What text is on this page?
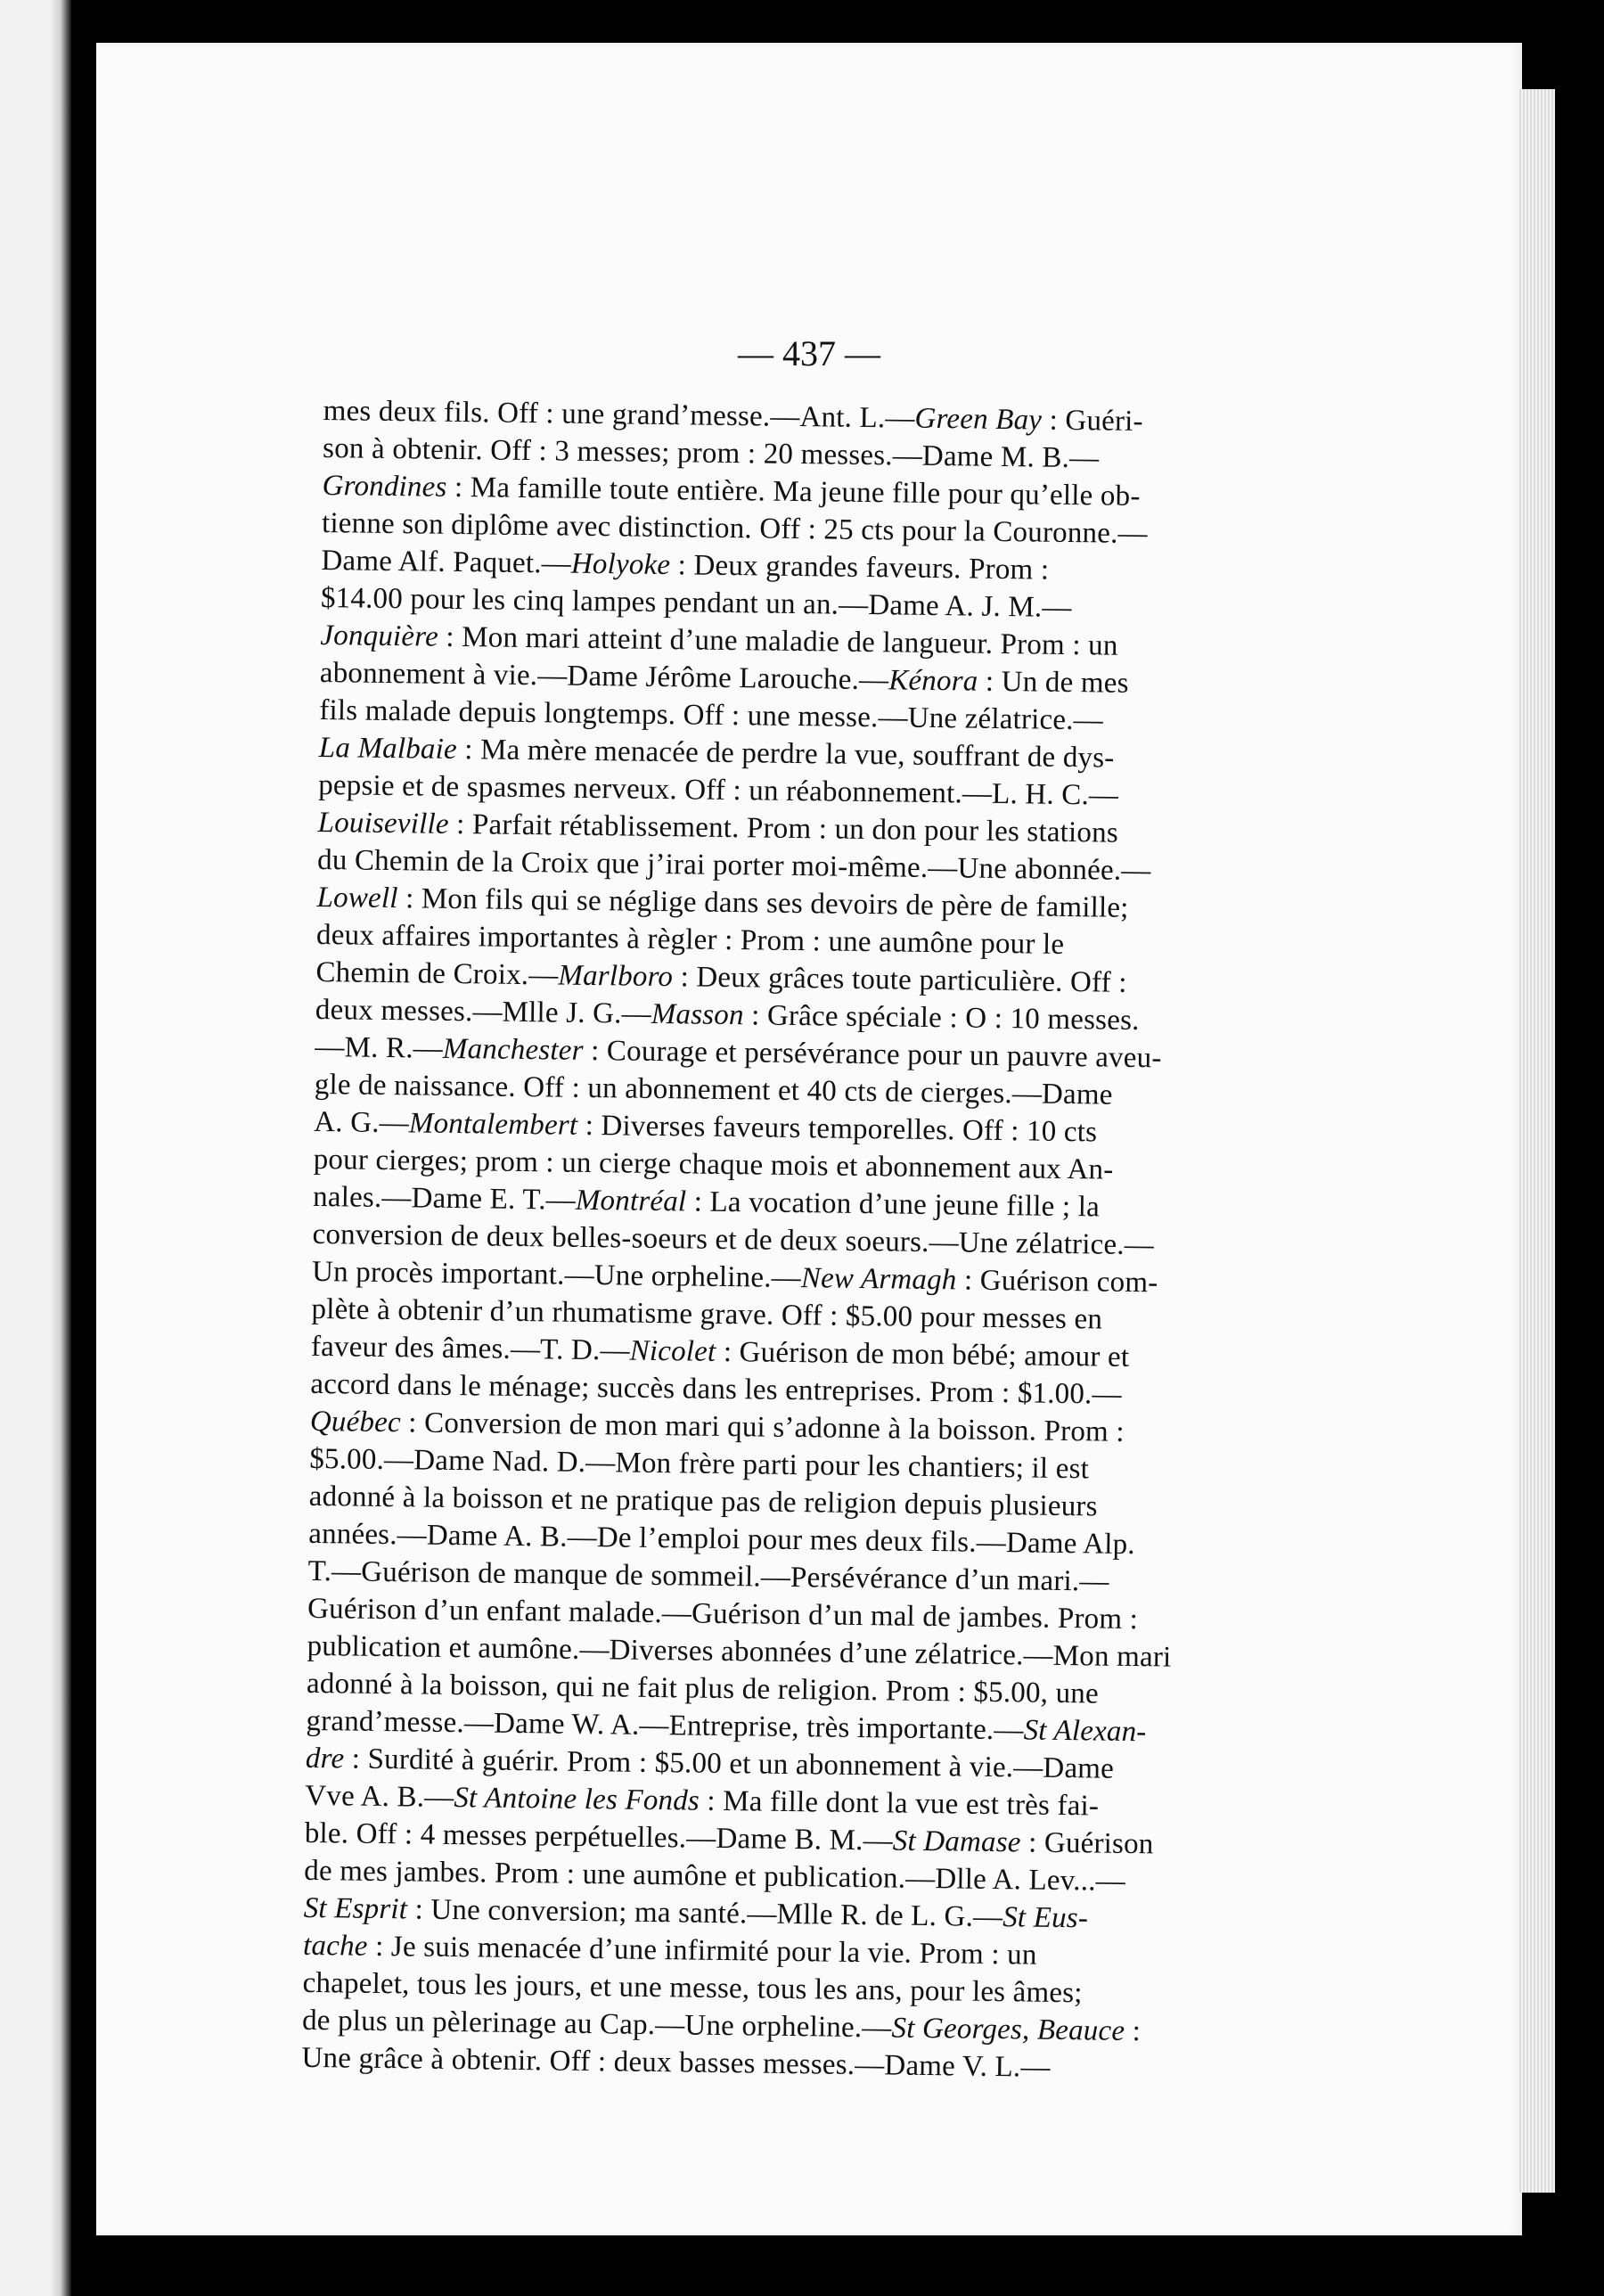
— 437 —
mes deux fils. Off : une grand’messe.—Ant. L.—Green Bay : Guéri-
son à obtenir. Off : 3 messes; prom : 20 messes.—Dame M. B.—
Grondines : Ma famille toute entière. Ma jeune fille pour qu’elle ob-
tienne son diplôme avec distinction. Off : 25 cts pour la Couronne.—
Dame Alf. Paquet.—Holyoke : Deux grandes faveurs. Prom :
$14.00 pour les cinq lampes pendant un an.—Dame A. J. M.—
Jonquière : Mon mari atteint d’une maladie de langueur. Prom : un
abonnement à vie.—Dame Jérôme Larouche.—Kénora : Un de mes
fils malade depuis longtemps. Off : une messe.—Une zélatrice.—
La Malbaie : Ma mère menacée de perdre la vue, souffrant de dys-
pepsie et de spasmes nerveux. Off : un réabonnement.—L. H. C.—
Louiseville : Parfait rétablissement. Prom : un don pour les stations
du Chemin de la Croix que j’irai porter moi-même.—Une abonnée.—
Lowell : Mon fils qui se néglige dans ses devoirs de père de famille;
deux affaires importantes à règler : Prom : une aumône pour le
Chemin de Croix.—Marlboro : Deux grâces toute particulière. Off :
deux messes.—Mlle J. G.—Masson : Grâce spéciale : O : 10 messes.
—M. R.—Manchester : Courage et persévérance pour un pauvre aveu-
gle de naissance. Off : un abonnement et 40 cts de cierges.—Dame
A. G.—Montalembert : Diverses faveurs temporelles. Off : 10 cts
pour cierges; prom : un cierge chaque mois et abonnement aux An-
nales.—Dame E. T.—Montréal : La vocation d’une jeune fille ; la
conversion de deux belles-soeurs et de deux soeurs.—Une zélatrice.—
Un procès important.—Une orpheline.—New Armagh : Guérison com-
plète à obtenir d’un rhumatisme grave. Off : $5.00 pour messes en
faveur des âmes.—T. D.—Nicolet : Guérison de mon bébé; amour et
accord dans le ménage; succès dans les entreprises. Prom : $1.00.—
Québec : Conversion de mon mari qui s’adonne à la boisson. Prom :
$5.00.—Dame Nad. D.—Mon frère parti pour les chantiers; il est
adonné à la boisson et ne pratique pas de religion depuis plusieurs
années.—Dame A. B.—De l’emploi pour mes deux fils.—Dame Alp.
T.—Guérison de manque de sommeil.—Persévérance d’un mari.—
Guérison d’un enfant malade.—Guérison d’un mal de jambes. Prom :
publication et aumône.—Diverses abonnées d’une zélatrice.—Mon mari
adonné à la boisson, qui ne fait plus de religion. Prom : $5.00, une
grand’messe.—Dame W. A.—Entreprise, très importante.—St Alexan-
dre : Surdité à guérir. Prom : $5.00 et un abonnement à vie.—Dame
Vve A. B.—St Antoine les Fonds : Ma fille dont la vue est très fai-
ble. Off : 4 messes perpétuelles.—Dame B. M.—St Damase : Guérison
de mes jambes. Prom : une aumône et publication.—Dlle A. Lev...—
St Esprit : Une conversion; ma santé.—Mlle R. de L. G.—St Eus-
tache : Je suis menacée d’une infirmité pour la vie. Prom : un
chapelet, tous les jours, et une messe, tous les ans, pour les âmes;
de plus un pèlerinage au Cap.—Une orpheline.—St Georges, Beauce :
Une grâce à obtenir. Off : deux basses messes.—Dame V. L.—
